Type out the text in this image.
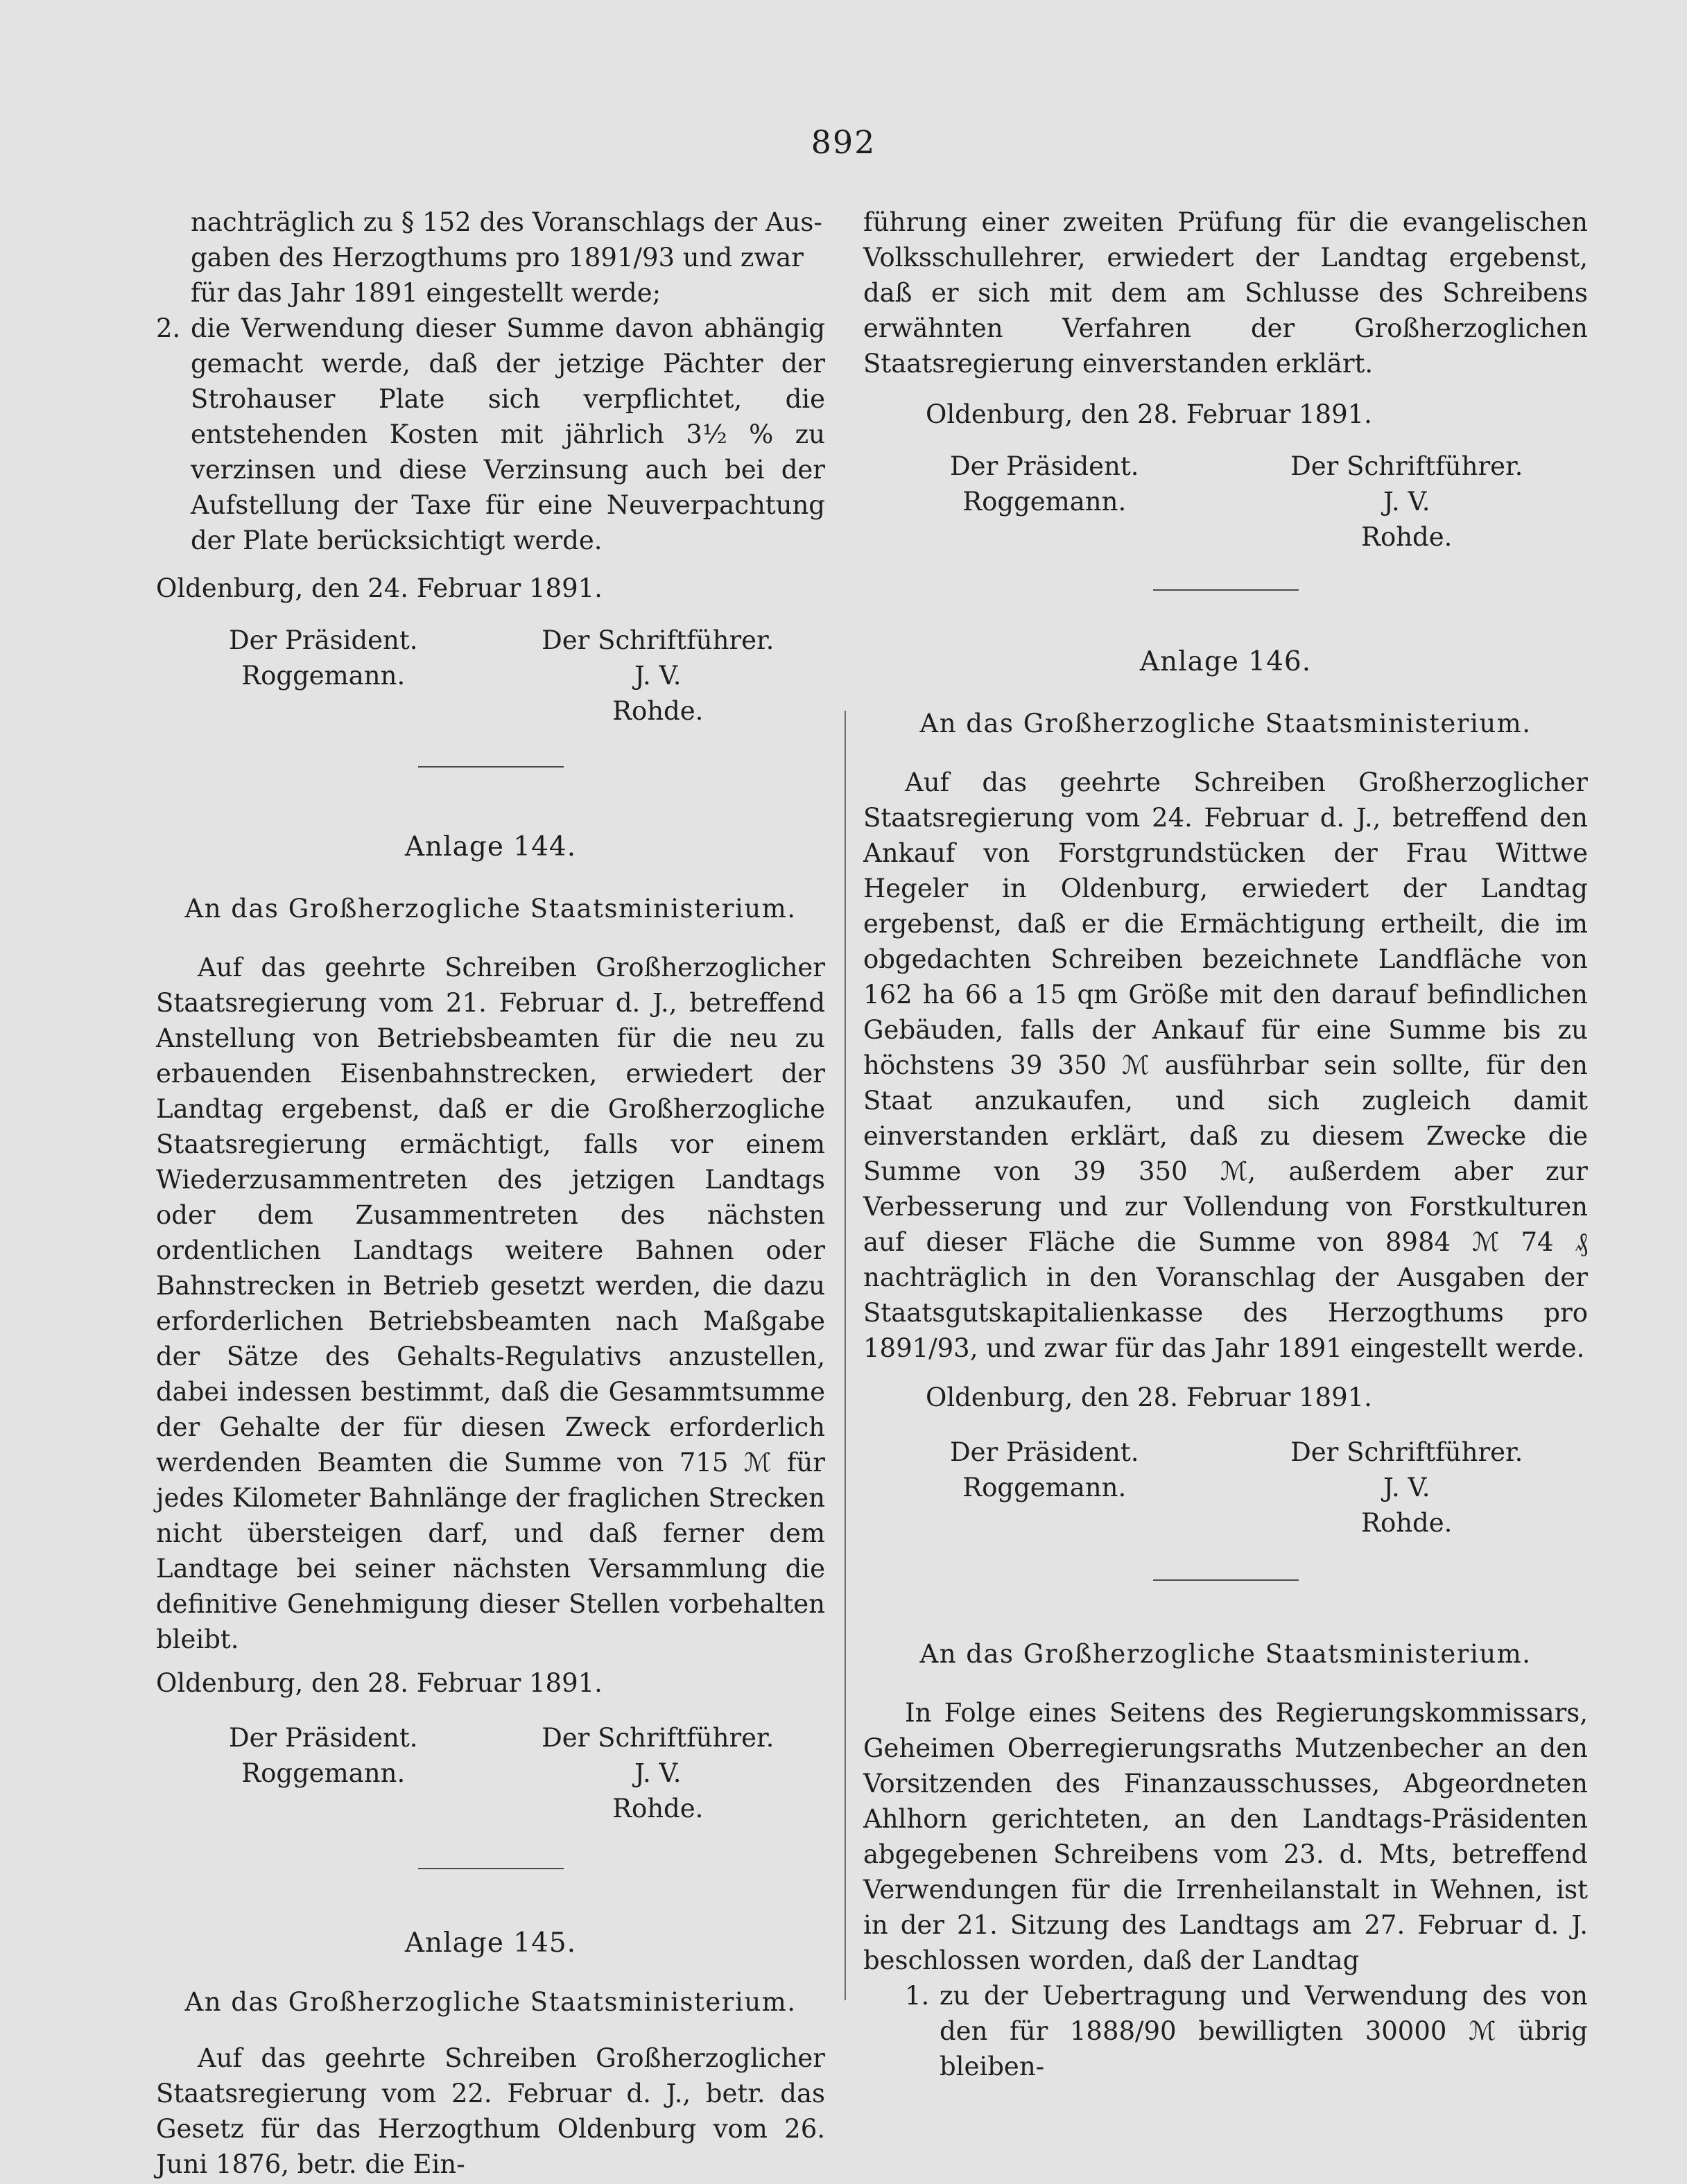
892
nachträglich zu § 152 des Voranschlags der Aus-
gaben des Herzogthums pro 1891/93 und zwar
für das Jahr 1891 eingestellt werde;
2. die Verwendung dieser Summe davon abhängig gemacht werde, daß der jetzige Pächter der Strohauser Plate sich verpflichtet, die entstehenden Kosten mit jährlich 3½ % zu verzinsen und diese Verzinsung auch bei der Aufstellung der Taxe für eine Neuverpachtung der Plate berücksichtigt werde.

Oldenburg, den 24. Februar 1891.

Der Präsident.	Der Schriftführer.
Roggemann.	J. V.
Rohde.
Anlage 144.
An das Großherzogliche Staatsministerium.

Auf das geehrte Schreiben Großherzoglicher Staatsregierung vom 21. Februar d. J., betreffend Anstellung von Betriebsbeamten für die neu zu erbauenden Eisenbahnstrecken, erwiedert der Landtag ergebenst, daß er die Großherzogliche Staatsregierung ermächtigt, falls vor einem Wiederzusammentreten des jetzigen Landtags oder dem Zusammentreten des nächsten ordentlichen Landtags weitere Bahnen oder Bahnstrecken in Betrieb gesetzt werden, die dazu erforderlichen Betriebsbeamten nach Maßgabe der Sätze des Gehalts-Regulativs anzustellen, dabei indessen bestimmt, daß die Gesammtsumme der Gehalte der für diesen Zweck erforderlich werdenden Beamten die Summe von 715 ℳ für jedes Kilometer Bahnlänge der fraglichen Strecken nicht übersteigen darf, und daß ferner dem Landtage bei seiner nächsten Versammlung die definitive Genehmigung dieser Stellen vorbehalten bleibt.

Oldenburg, den 28. Februar 1891.

Der Präsident.	Der Schriftführer.
Roggemann.	J. V.
Rohde.
Anlage 145.
An das Großherzogliche Staatsministerium.

Auf das geehrte Schreiben Großherzoglicher Staatsregierung vom 22. Februar d. J., betr. das Gesetz für das Herzogthum Oldenburg vom 26. Juni 1876, betr. die Ein-

führung einer zweiten Prüfung für die evangelischen Volksschullehrer, erwiedert der Landtag ergebenst, daß er sich mit dem am Schlusse des Schreibens erwähnten Verfahren der Großherzoglichen Staatsregierung einverstanden erklärt.

Oldenburg, den 28. Februar 1891.

Der Präsident.	Der Schriftführer.
Roggemann.	J. V.
Rohde.
Anlage 146.
An das Großherzogliche Staatsministerium.

Auf das geehrte Schreiben Großherzoglicher Staatsregierung vom 24. Februar d. J., betreffend den Ankauf von Forstgrundstücken der Frau Wittwe Hegeler in Oldenburg, erwiedert der Landtag ergebenst, daß er die Ermächtigung ertheilt, die im obgedachten Schreiben bezeichnete Landfläche von 162 ha 66 a 15 qm Größe mit den darauf befindlichen Gebäuden, falls der Ankauf für eine Summe bis zu höchstens 39 350 ℳ ausführbar sein sollte, für den Staat anzukaufen, und sich zugleich damit einverstanden erklärt, daß zu diesem Zwecke die Summe von 39 350 ℳ, außerdem aber zur Verbesserung und zur Vollendung von Forstkulturen auf dieser Fläche die Summe von 8984 ℳ 74 ₰ nachträglich in den Voranschlag der Ausgaben der Staatsgutskapitalienkasse des Herzogthums pro 1891/93, und zwar für das Jahr 1891 eingestellt werde.

Oldenburg, den 28. Februar 1891.

Der Präsident.	Der Schriftführer.
Roggemann.	J. V.
Rohde.
An das Großherzogliche Staatsministerium.

In Folge eines Seitens des Regierungskommissars, Geheimen Oberregierungsraths Mutzenbecher an den Vorsitzenden des Finanzausschusses, Abgeordneten Ahlhorn gerichteten, an den Landtags-Präsidenten abgegebenen Schreibens vom 23. d. Mts, betreffend Verwendungen für die Irrenheilanstalt in Wehnen, ist in der 21. Sitzung des Landtags am 27. Februar d. J. beschlossen worden, daß der Landtag

1. zu der Uebertragung und Verwendung des von den für 1888/90 bewilligten 30000 ℳ übrig bleiben-
